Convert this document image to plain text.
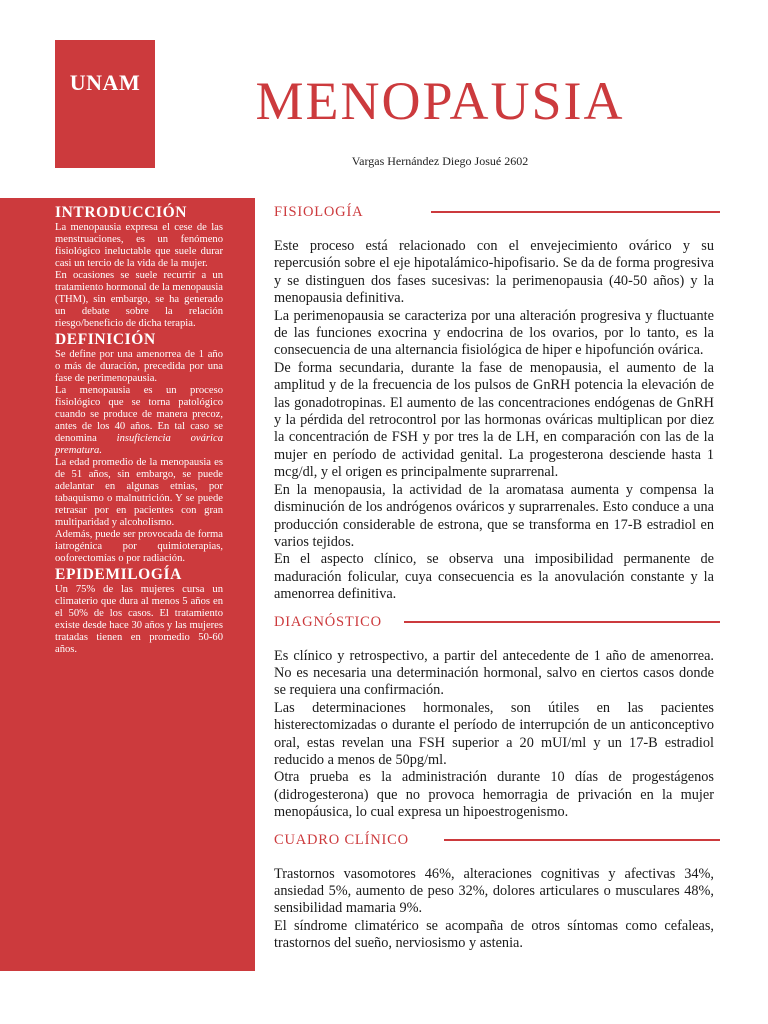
UNAM	MENOPAUSIA
Vargas Hernández Diego Josué 2602
INTRODUCCIÓN

La menopausia expresa el cese de las menstruaciones, es un fenómeno fisiológico ineluctable que suele durar casi un tercio de la vida de la mujer.

En ocasiones se suele recurrir a un tratamiento hormonal de la menopausia (THM), sin embargo, se ha generado un debate sobre la relación riesgo/beneficio de dicha terapia.

DEFINICIÓN

Se define por una amenorrea de 1 año o más de duración, precedida por una fase de perimenopausia.

La menopausia es un proceso fisiológico que se torna patológico cuando se produce de manera precoz, antes de los 40 años. En tal caso se denomina insuficiencia ovárica prematura.

La edad promedio de la menopausia es de 51 años, sin embargo, se puede adelantar en algunas etnias, por tabaquismo o malnutrición. Y se puede retrasar por en pacientes con gran multiparidad y alcoholismo.

Además, puede ser provocada de forma iatrogénica por quimioterapias, ooforectomías o por radiación.

EPIDEMILOGÍA

Un 75% de las mujeres cursa un climaterio que dura al menos 5 años en el 50% de los casos. El tratamiento existe desde hace 30 años y las mujeres tratadas tienen en promedio 50-60 años.

FISIOLOGÍA

Este proceso está relacionado con el envejecimiento ovárico y su repercusión sobre el eje hipotalámico-hipofisario. Se da de forma progresiva y se distinguen dos fases sucesivas: la perimenopausia (40-50 años) y la menopausia definitiva.

La perimenopausia se caracteriza por una alteración progresiva y fluctuante de las funciones exocrina y endocrina de los ovarios, por lo tanto, es la consecuencia de una alternancia fisiológica de hiper e hipofunción ovárica.

De forma secundaria, durante la fase de menopausia, el aumento de la amplitud y de la frecuencia de los pulsos de GnRH potencia la elevación de las gonadotropinas. El aumento de las concentraciones endógenas de GnRH y la pérdida del retrocontrol por las hormonas ováricas multiplican por diez la concentración de FSH y por tres la de LH, en comparación con las de la mujer en período de actividad genital. La progesterona desciende hasta 1 mcg/dl, y el origen es principalmente suprarrenal.

En la menopausia, la actividad de la aromatasa aumenta y compensa la disminución de los andrógenos ováricos y suprarrenales. Esto conduce a una producción considerable de estrona, que se transforma en 17-B estradiol en varios tejidos.

En el aspecto clínico, se observa una imposibilidad permanente de maduración folicular, cuya consecuencia es la anovulación constante y la amenorrea definitiva.

DIAGNÓSTICO

Es clínico y retrospectivo, a partir del antecedente de 1 año de amenorrea. No es necesaria una determinación hormonal, salvo en ciertos casos donde se requiera una confirmación.

Las determinaciones hormonales, son útiles en las pacientes histerectomizadas o durante el período de interrupción de un anticonceptivo oral, estas revelan una FSH superior a 20 mUI/ml y un 17-B estradiol reducido a menos de 50pg/ml.

Otra prueba es la administración durante 10 días de progestágenos (didrogesterona) que no provoca hemorragia de privación en la mujer menopáusica, lo cual expresa un hipoestrogenismo.

CUADRO CLÍNICO

Trastornos vasomotores 46%, alteraciones cognitivas y afectivas 34%, ansiedad 5%, aumento de peso 32%, dolores articulares o musculares 48%, sensibilidad mamaria 9%.

El síndrome climatérico se acompaña de otros síntomas como cefaleas, trastornos del sueño, nerviosismo y astenia.
